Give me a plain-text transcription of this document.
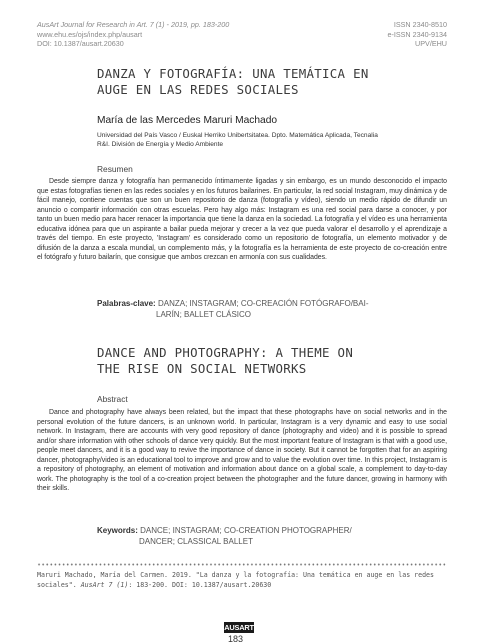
AusArt Journal for Research in Art. 7 (1) - 2019, pp. 183-200
www.ehu.es/ojs/index.php/ausart
DOI: 10.1387/ausart.20630
ISSN 2340-8510
e-ISSN 2340-9134
UPV/EHU
DANZA Y FOTOGRAFÍA: UNA TEMÁTICA EN
AUGE EN LAS REDES SOCIALES
María de las Mercedes Maruri Machado
Universidad del País Vasco / Euskal Herriko Unibertsitatea. Dpto. Matemática Aplicada, Tecnalia
R&I. División de Energía y Medio Ambiente
Resumen
Desde siempre danza y fotografía han permanecido íntimamente ligadas y sin embargo, es un mundo desconocido el impacto que estas fotografías tienen en las redes sociales y en los futuros bailarines. En particular, la red social Instagram, muy dinámica y de fácil manejo, contiene cuentas que son un buen repositorio de danza (fotografía y vídeo), siendo un medio rápido de difundir un anuncio o compartir información con otras escuelas. Pero hay algo más: Instagram es una red social para darse a conocer, y por tanto un buen medio para hacer renacer la importancia que tiene la danza en la sociedad. La fotografía y el vídeo es una herramienta educativa idónea para que un aspirante a bailar pueda mejorar y crecer a la vez que pueda valorar el desarrollo y el aprendizaje a través del tiempo. En este proyecto, 'Instagram' es considerado como un repositorio de fotografía, un elemento motivador y de difusión de la danza a escala mundial, un complemento más, y la fotografía es la herramienta de este proyecto de co-creación entre el fotógrafo y futuro bailarín, que consigue que ambos crezcan en armonía con sus cualidades.
Palabras-clave: DANZA; INSTAGRAM; CO-CREACIÓN FOTÓGRAFO/BAI-
LARÍN; BALLET CLÁSICO
DANCE AND PHOTOGRAPHY: A THEME ON
THE RISE ON SOCIAL NETWORKS
Abstract
Dance and photography have always been related, but the impact that these photographs have on social networks and in the personal evolution of the future dancers, is an unknown world. In particular, Instagram is a very dynamic and easy to use social network. In Instagram, there are accounts with very good repository of dance (photography and video) and it is possible to spread and/or share information with other schools of dance very quickly. But the most important feature of Instagram is that with a good use, people meet dancers, and it is a good way to revive the importance of dance in society. But it cannot be forgotten that for an aspiring dancer, photography/video is an educational tool to improve and grow and to value the evolution over time. In this project, Instagram is a repository of photography, an element of motivation and information about dance on a global scale, a complement to day-to-day work. The photography is the tool of a co-creation project between the photographer and the future dancer, growing in harmony with their skills.
Keywords: DANCE; INSTAGRAM; CO-CREATION PHOTOGRAPHER/
DANCER; CLASSICAL BALLET
Maruri Machado, María del Carmen. 2019. "La danza y la fotografía: Una temática en auge en las redes sociales". AusArt 7 (1): 183-200. DOI: 10.1387/ausart.20630
AUSART
183
